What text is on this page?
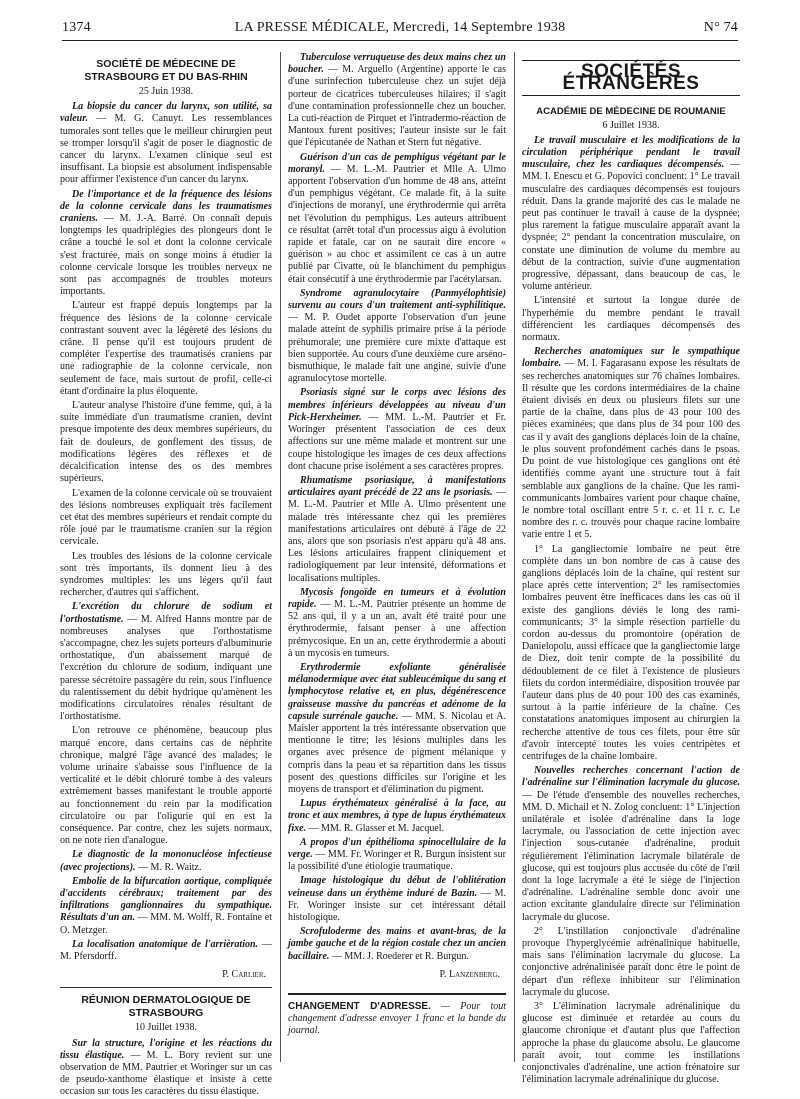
1374	LA PRESSE MÉDICALE, Mercredi, 14 Septembre 1938	N° 74
SOCIÉTÉ DE MÉDECINE DE STRASBOURG ET DU BAS-RHIN
25 Juin 1938.

La biopsie du cancer du larynx, son utilité, sa valeur. — M. G. Canuyt. Les ressemblances tumorales sont telles que le meilleur chirurgien peut se tromper lorsqu'il s'agit de poser le diagnostic de cancer du larynx. L'examen clinique seul est insuffisant. La biopsie est absolument indispensable pour affirmer l'existence d'un cancer du larynx.

De l'importance et de la fréquence des lésions de la colonne cervicale dans les traumatismes craniens. — M. J.-A. Barré. On connaît depuis longtemps les quadriplégies des plongeurs dont le crâne a touché le sol et dont la colonne cervicale s'est fracturée, mais on songe moins à étudier la colonne cervicale lorsque les troubles nerveux ne sont pas accompagnés de troubles moteurs importants.

L'auteur est frappé depuis longtemps par la fréquence des lésions de la colonne cervicale contrastant souvent avec la légèreté des lésions du crâne. Il pense qu'il est toujours prudent de compléter l'expertise des traumatisés craniens par une radiographie de la colonne cervicale, non seulement de face, mais surtout de profil, celle-ci étant d'ordinaire la plus éloquente.

L'auteur analyse l'histoire d'une femme, qui, à la suite immédiate d'un traumatisme cranien, devint presque impotente des deux membres supérieurs, du fait de douleurs, de gonflement des tissus, de modifications légères des réflexes et de décalcification intense des os des membres supérieurs.

L'examen de la colonne cervicale où se trouvaient des lésions nombreuses expliquait très facilement cet état des membres supérieurs et rendait compte du rôle joué par le traumatisme cranien sur la région cervicale.

Les troubles des lésions de la colonne cervicale sont très importants, ils donnent lieu à des syndromes multiples: les uns légers qu'il faut rechercher, d'autres qui s'affichent.

L'excrétion du chlorure de sodium et l'orthostatisme. — M. Alfred Hanns montre par de nombreuses analyses que l'orthostatisme s'accompagne, chez les sujets porteurs d'albuminurie orthostatique, d'un abaissement marqué de l'excrétion du chlorure de sodium, indiquant une paresse sécrétoire passagère du rein, sous l'influence du ralentissement du débit hydrique qu'amènent les modifications circulatoires rénales résultant de l'orthostatisme.

L'on retrouve ce phénomène, beaucoup plus marqué encore, dans certains cas de néphrite chronique, malgré l'âge avancé des malades; le volume urinaire s'abaisse sous l'influence de la verticalité et le débit chloruré tombe à des valeurs extrêmement basses manifestant le trouble apporté au fonctionnement du rein par la modification circulatoire ou par l'oligurie qui en est la conséquence. Par contre, chez les sujets normaux, on ne note rien d'analogue.

Le diagnostic de la mononucléose infectieuse (avec projections). — M. R. Waitz.

Embolie de la bifurcation aortique, compliquée d'accidents cérébraux; traitement par des infiltrations ganglionnaires du sympathique. Résultats d'un an. — MM. M. Wolff, R. Fontaine et O. Metzger.

La localisation anatomique de l'arrièration. — M. Pfersdorff.

P. Carlier.
RÉUNION DERMATOLOGIQUE DE STRASBOURG
10 Juillet 1938.

Sur la structure, l'origine et les réactions du tissu élastique. — M. L. Bory revient sur une observation de MM. Pautrier et Woringer sur un cas de pseudo-xanthome élastique et insiste à cette occasion sur tous les caractères du tissu élastique.

Tuberculose verruqueuse des deux mains chez un boucher. — M. Arguello (Argentine) apporte le cas d'une surinfection tuberculeuse chez un sujet déjà porteur de cicatrices tuberculeuses hilaires; il s'agit d'une contamination professionnelle chez un boucher. La cuti-réaction de Pirquet et l'intradermo-réaction de Mantoux furent positives; l'auteur insiste sur le fait que l'épicutanée de Nathan et Stern fut négative.

Guérison d'un cas de pemphigus végétant par le moranyl. — M. L.-M. Pautrier et Mlle A. Ulmo apportent l'observation d'un homme de 48 ans, atteint d'un pemphigus végétant. Ce malade fit, à la suite d'injections de moranyl, une érythrodermie qui arrêta net l'évolution du pemphigus. Les auteurs attribuent ce résultat (arrêt total d'un processus aigu à évolution rapide et fatale, car on ne saurait dire encore « guérison » au choc et assimilent ce cas à un autre publié par Civatte, où le blanchiment du pemphigus était consécutif à une érythrodermie par l'acétylarsan.

Syndrome agranulocytaire (Panmyélophtisie) survenu au cours d'un traitement anti-syphilitique. — M. P. Oudet apporte l'observation d'un jeune malade atteint de syphilis primaire prise à la période préhumorale; une première cure mixte d'attaque est bien supportée. Au cours d'une deuxième cure arséno-bismuthique, le malade fait une angine, suivie d'une agranulocytose mortelle.

Psoriasis signé sur le corps avec lésions des membres inférieurs développées au niveau d'un Pick-Herxheimer. — MM. L.-M. Pautrier et Fr. Woringer présentent l'association de ces deux affections sur une même malade et montrent sur une coupe histologique les images de ces deux affections dont chacune prise isolément a ses caractères propres.

Rhumatisme psoriasique, à manifestations articulaires ayant précédé de 22 ans le psoriasis. — M. L.-M. Pautrier et Mlle A. Ulmo présentent une malade très intéressante chez qui les premières manifestations articulaires ont débuté à l'âge de 22 ans, alors que son psoriasis n'est apparu qu'à 48 ans. Les lésions articulaires frappent cliniquement et radiologiquement par leur intensité, déformations et localisations multiples.

Mycosis fongoïde en tumeurs et à évolution rapide. — M. L.-M. Pautrier présente un homme de 52 ans qui, il y a un an, avait été traité pour une érythrodermie, faisant penser à une affection prémycosique. En un an, cette érythrodermie a abouti à un mycosis en tumeurs.

Erythrodermie exfoliante généralisée mélanodermique avec état subleucémique du sang et lymphocytose relative et, en plus, dégénérescence graisseuse massive du pancréas et adénome de la capsule surrénale gauche. — MM. S. Nicolau et A. Maisler apportent la très intéressante observation que mentionne le titre; les lésions multiples dans les organes avec présence de pigment mélanique y compris dans la peau et sa répartition dans les tissus posent des questions difficiles sur l'origine et les moyens de transport et d'élimination du pigment.

Lupus érythémateux généralisé à la face, au tronc et aux membres, à type de lupus érythémateux fixe. — MM. R. Glasser et M. Jacquel.

A propos d'un épithélioma spinocellulaire de la verge. — MM. Fr. Woringer et R. Burgun insistent sur la possibilité d'une étiologie traumatique.

Image histologique du début de l'oblitération veineuse dans un érythème induré de Bazin. — M. Fr. Woringer insiste sur cet intéressant détail histologique.

Scrofuloderme des mains et avant-bras, de la jambe gauche et de la région costale chez un ancien bacillaire. — MM. J. Roederer et R. Burgun.

P. Lanzenberg.

CHANGEMENT D'ADRESSE. — Pour tout changement d'adresse envoyer 1 franc et la bande du journal.

SOCIÉTÉS ÉTRANGÈRES
ACADÉMIE DE MÉDECINE DE ROUMANIE
6 Juillet 1938.

Le travail musculaire et les modifications de la circulation périphérique pendant le travail musculaire, chez les cardiaques décompensés. — MM. I. Enescu et G. Popovici concluent: 1° Le travail musculaire des cardiaques décompensés est toujours réduit. Dans la grande majorité des cas le malade ne peut pas continuer le travail à cause de la dyspnée; plus rarement la fatigue musculaire apparaît avant la dyspnée; 2° pendant la concentration musculaire, on constate une diminution de volume du membre au début de la contraction, suivie d'une augmentation progressive, dépassant, dans beaucoup de cas, le volume antérieur.

L'intensité et surtout la longue durée de l'hyperhémie du membre pendant le travail différencient les cardiaques décompensés des normaux.

Recherches anatomiques sur le sympathique lombaire. — M. I. Fagarasanu expose les résultats de ses recherches anatomiques sur 76 chaînes lombaires. Il résulte que les cordons intermédiaires de la chaîne étaient divisés en deux ou plusieurs filets sur une partie de la chaîne, dans plus de 43 pour 100 des pièces examinées; que dans plus de 34 pour 100 des cas il y avait des ganglions déplacés loin de la chaîne, le plus souvent profondément cachés dans le psoas. Du point de vue histologique ces ganglions ont été identifiés comme ayant une structure tout à fait semblable aux ganglions de la chaîne. Que les rami-communicants lombaires varient pour chaque chaîne, le nombre total oscillant entre 5 r. c. et 11 r. c. Le nombre des r. c. trouvés pour chaque racine lombaire varie entre 1 et 5.

1° La gangliectomie lombaire ne peut être complète dans un bon nombre de cas à cause des ganglions déplacés loin de la chaîne, qui restent sur place après cette intervention; 2° les ramisectomies lombaires peuvent être inefficaces dans les cas où il existe des ganglions déviés le long des rami-communicants; 3° la simple résection partielle du cordon au-dessus du promontoire (opération de Danielopolu, aussi efficace que la gangliectomie large de Diez, doit tenir compte de la possibilité du dédoublement de ce filet à l'existence de plusieurs filets du cordon intermédiaire, disposition trouvée par l'auteur dans plus de 40 pour 100 des cas examinés, surtout à la partie inférieure de la chaîne. Ces constatations anatomiques imposent au chirurgien la recherche attentive de tous ces filets, pour être sûr d'avoir intercepté toutes les voies centripètes et centrifuges de la chaîne lombaire.

Nouvelles recherches concernant l'action de l'adrénaline sur l'élimination lacrymale du glucose. — De l'étude d'ensemble des nouvelles recherches, MM. D. Michail et N. Zolog concluent: 1° L'injection unilatérale et isolée d'adrénaline dans la loge lacrymale, ou l'association de cette injection avec l'injection sous-cutanée d'adrénaline, produit régulièrement l'élimination lacrymale bilatérale de glucose, qui est toujours plus accusée du côté de l'œil dont la loge lacrymale a été le siège de l'injection d'adrénaline. L'adrénaline semble donc avoir une action excitante glandulaire directe sur l'élimination lacrymale du glucose.

2° L'instillation conjonctivale d'adrénaline provoque l'hyperglycémie adrénalinique habituelle, mais sans l'élimination lacrymale du glucose. La conjonctive adrénalinisée paraît donc être le point de départ d'un réflexe inhibiteur sur l'élimination lacrymale du glucose.

3° L'élimination lacrymale adrénalinique du glucose est diminuée et retardée au cours du glaucome chronique et d'autant plus que l'affection approche la phase du glaucome absolu. Le glaucome paraît avoir, tout comme les instillations conjonctivales d'adrénaline, une action frénatoire sur l'élimination lacrymale adrénalinique du glucose.
